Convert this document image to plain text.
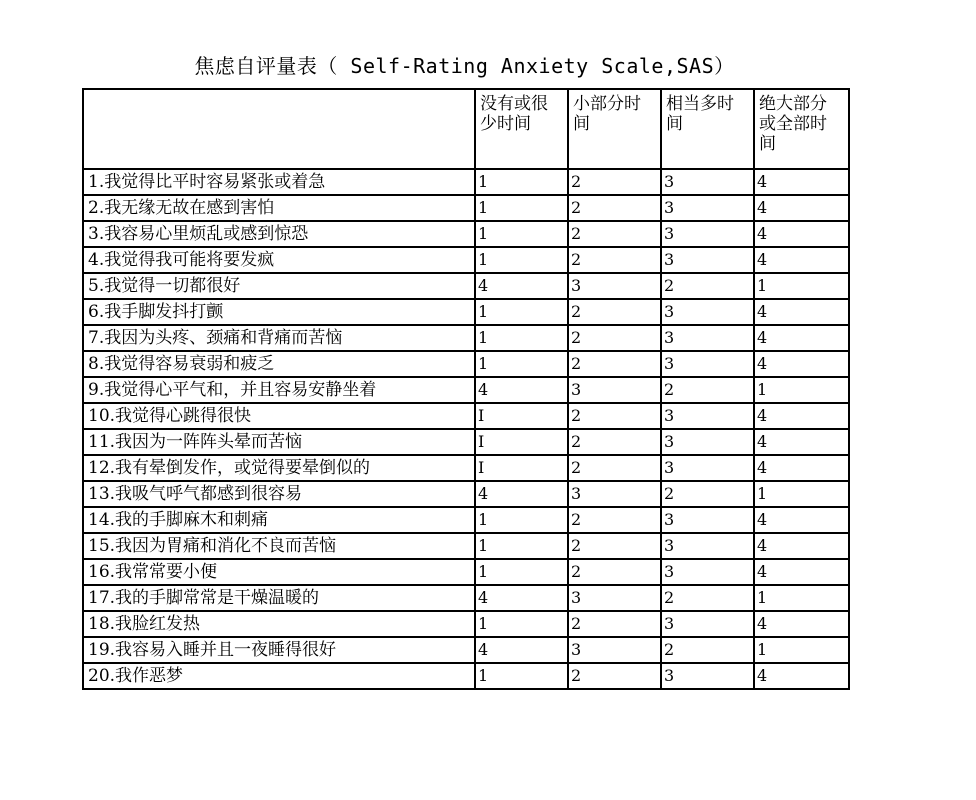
焦虑自评量表（ Self-Rating Anxiety Scale,SAS）

	没有或很少时间	小部分时间	相当多时间	绝大部分或全部时间

1.我觉得比平时容易紧张或着急	1	2	3	4
2.我无缘无故在感到害怕	1	2	3	4
3.我容易心里烦乱或感到惊恐	1	2	3	4
4.我觉得我可能将要发疯	1	2	3	4
5.我觉得一切都很好	4	3	2	1
6.我手脚发抖打颤	1	2	3	4
7.我因为头疼、颈痛和背痛而苦恼	1	2	3	4
8.我觉得容易衰弱和疲乏	1	2	3	4
9.我觉得心平气和，并且容易安静坐着	4	3	2	1
10.我觉得心跳得很快	I	2	3	4
11.我因为一阵阵头晕而苦恼	I	2	3	4
12.我有晕倒发作，或觉得要晕倒似的	I	2	3	4
13.我吸气呼气都感到很容易	4	3	2	1
14.我的手脚麻木和刺痛	1	2	3	4
15.我因为胃痛和消化不良而苦恼	1	2	3	4
16.我常常要小便	1	2	3	4
17.我的手脚常常是干燥温暖的	4	3	2	1
18.我脸红发热	1	2	3	4
19.我容易入睡并且一夜睡得很好	4	3	2	1
20.我作恶梦	1	2	3	4
